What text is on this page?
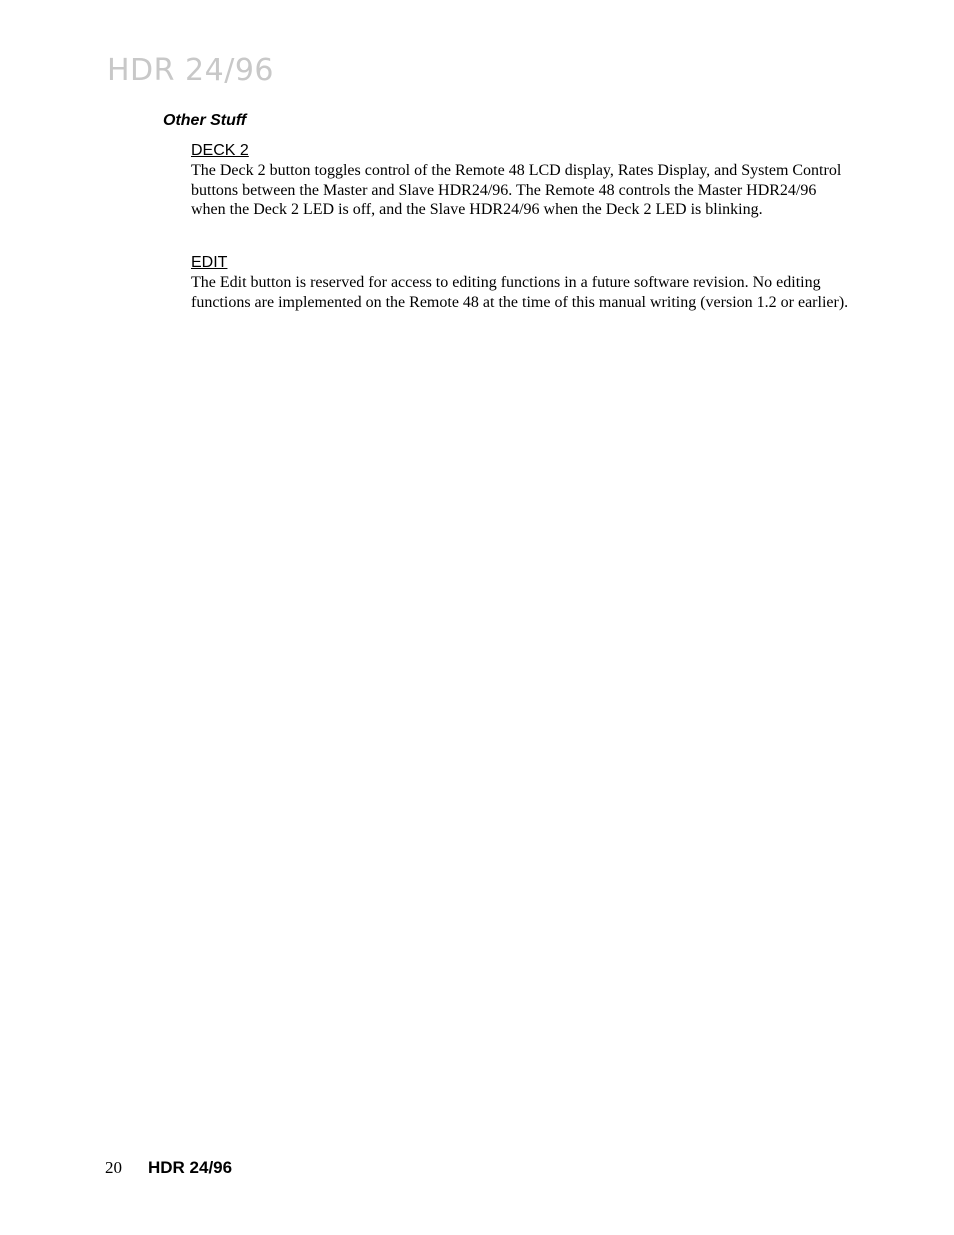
HDR 24/96
Other Stuff
DECK 2

The Deck 2 button toggles control of the Remote 48 LCD display, Rates Display, and System Control buttons between the Master and Slave HDR24/96. The Remote 48 controls the Master HDR24/96 when the Deck 2 LED is off, and the Slave HDR24/96 when the Deck 2 LED is blinking.

EDIT

The Edit button is reserved for access to editing functions in a future software revision. No editing functions are implemented on the Remote 48 at the time of this manual writing (version 1.2 or earlier).

20 HDR 24/96
